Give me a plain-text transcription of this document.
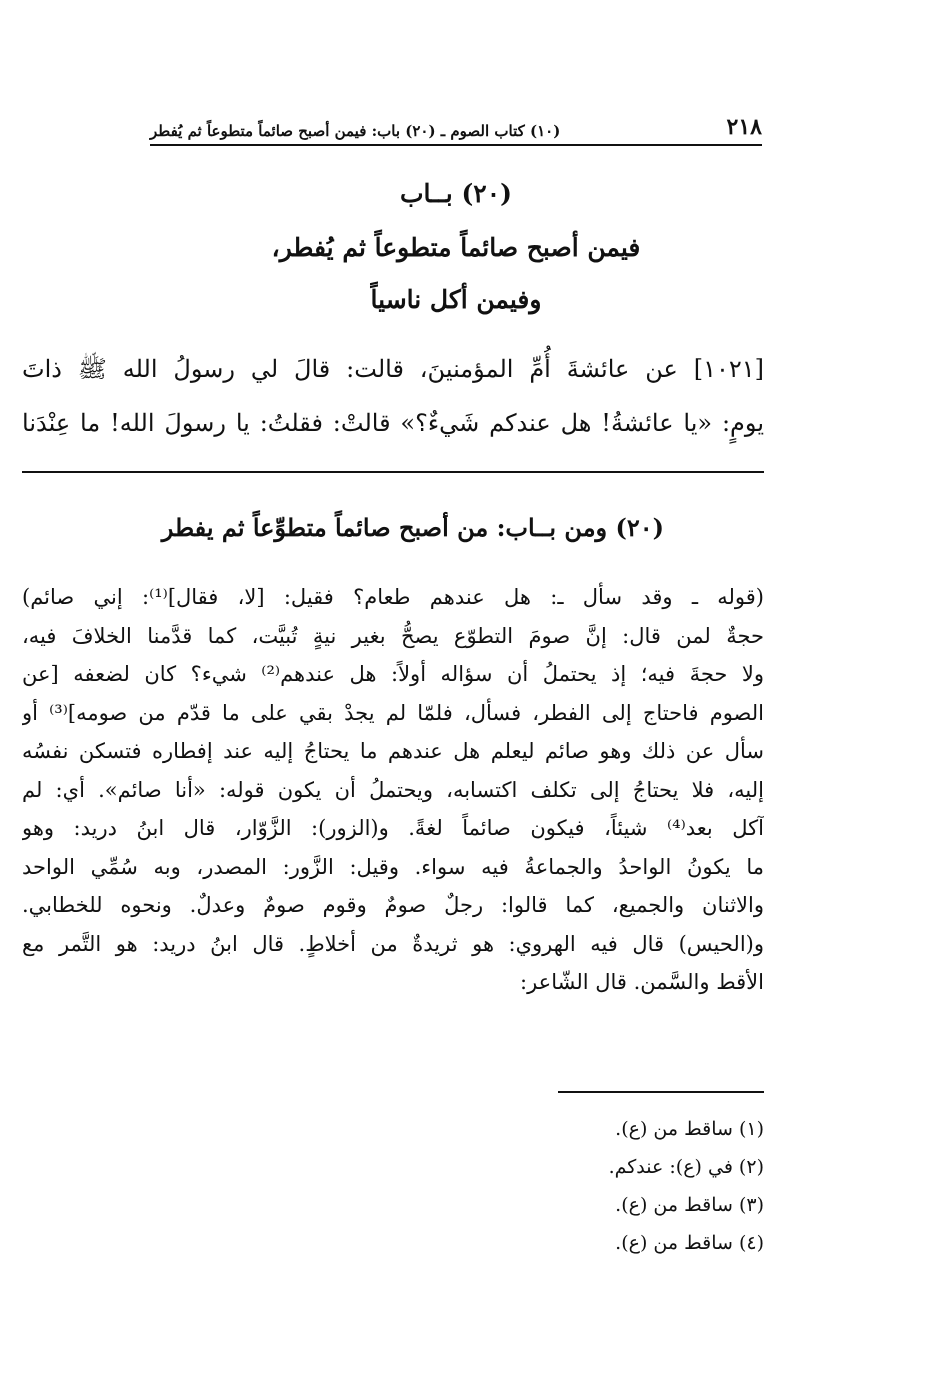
٢١٨
(١٠) كتاب الصوم ـ (٢٠) باب: فيمن أصبح صائماً متطوعاً ثم يُفطر
(٢٠) بــاب
فيمن أصبح صائماً متطوعاً ثم يُفطر،
وفيمن أكل ناسياً

[١٠٢١] عن عائشةَ أُمِّ المؤمنينَ، قالت: قالَ لي رسولُ الله ﷺ ذاتَ

يومٍ: «يا عائشةُ! هل عندكم شَيءٌ؟» قالتْ: فقلتُ: يا رسولَ الله! ما عِنْدَنا

(٢٠) ومن بــاب: من أصبح صائماً متطوِّعاً ثم يفطر
(قوله ـ وقد سأل ـ: هل عندهم طعام؟ فقيل: [لا، فقال]⁽¹⁾: إني صائم)
حجةٌ لمن قال: إنَّ صومَ التطوّع يصحُّ بغير نيةٍ تُبيَّت، كما قدَّمنا الخلافَ فيه،
ولا حجةَ فيه؛ إذ يحتملُ أن سؤاله أولاً: هل عندهم⁽²⁾ شيء؟ كان لضعفه [عن
الصوم فاحتاج إلى الفطر، فسأل، فلمّا لم يجدْ بقي على ما قدّم من صومه]⁽³⁾ أو
سأل عن ذلك وهو صائم ليعلم هل عندهم ما يحتاجُ إليه عند إفطاره فتسكن نفسُه
إليه، فلا يحتاجُ إلى تكلف اكتسابه، ويحتملُ أن يكون قوله: «أنا صائم». أي: لم
آكل بعد⁽⁴⁾ شيئاً، فيكون صائماً لغةً. و(الزور): الزَّوّار، قال ابنُ دريد: وهو
ما يكونُ الواحدُ والجماعةُ فيه سواء. وقيل: الزَّور: المصدر، وبه سُمِّي الواحد
والاثنان والجميع، كما قالوا: رجلٌ صومٌ وقوم صومٌ وعدلٌ. ونحوه للخطابي.
و(الحيس) قال فيه الهروي: هو ثريدةٌ من أخلاطٍ. قال ابنُ دريد: هو التَّمر مع
الأقط والسَّمن. قال الشّاعر:
(١) ساقط من (ع).
(٢) في (ع): عندكم.
(٣) ساقط من (ع).
(٤) ساقط من (ع).
